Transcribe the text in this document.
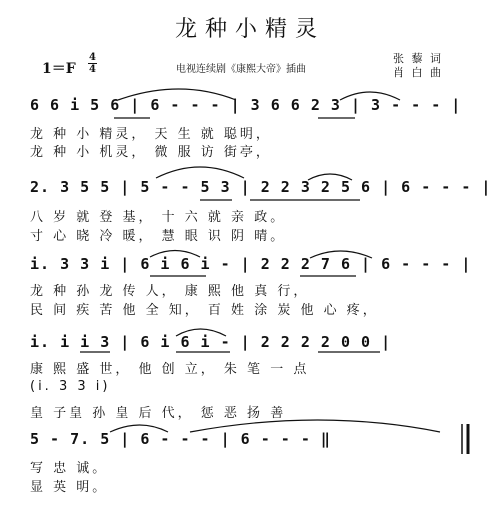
龙种小精灵
1＝F
4
4	电视连续剧《康熙大帝》插曲
张 藜 词
肖 白 曲
6 6 i 5 6 | 6 - - - | 3 6 6 2 3 | 3 - - - |
龙 种 小 精灵， 天 生 就 聪明，
龙 种 小 机灵， 微 服 访 街亭，
2. 3 5 5 | 5 - - 5 3 | 2 2 3 2 5 6 | 6 - - - |
八 岁 就 登 基， 十 六 就 亲 政。
寸 心 晓 冷 暖， 慧 眼 识 阴 晴。
i. 3 3 i | 6 i 6 i - | 2 2 2 7 6 | 6 - - - |
龙 种 孙 龙 传 人， 康 熙 他 真 行，
民 间 疾 苦 他 全 知， 百 姓 涂 炭 他 心 疼，
i. i i 3 | 6 i 6 i - | 2 2 2 2 0 0 |
康 熙 盛 世， 他 创 立， 朱 笔 一 点
(i. 3 3 i)
皇 子皇 孙 皇 后 代， 惩 恶 扬 善
5 - 7. 5 | 6 - - - | 6 - - - ‖
写 忠 诚。
显 英 明。
